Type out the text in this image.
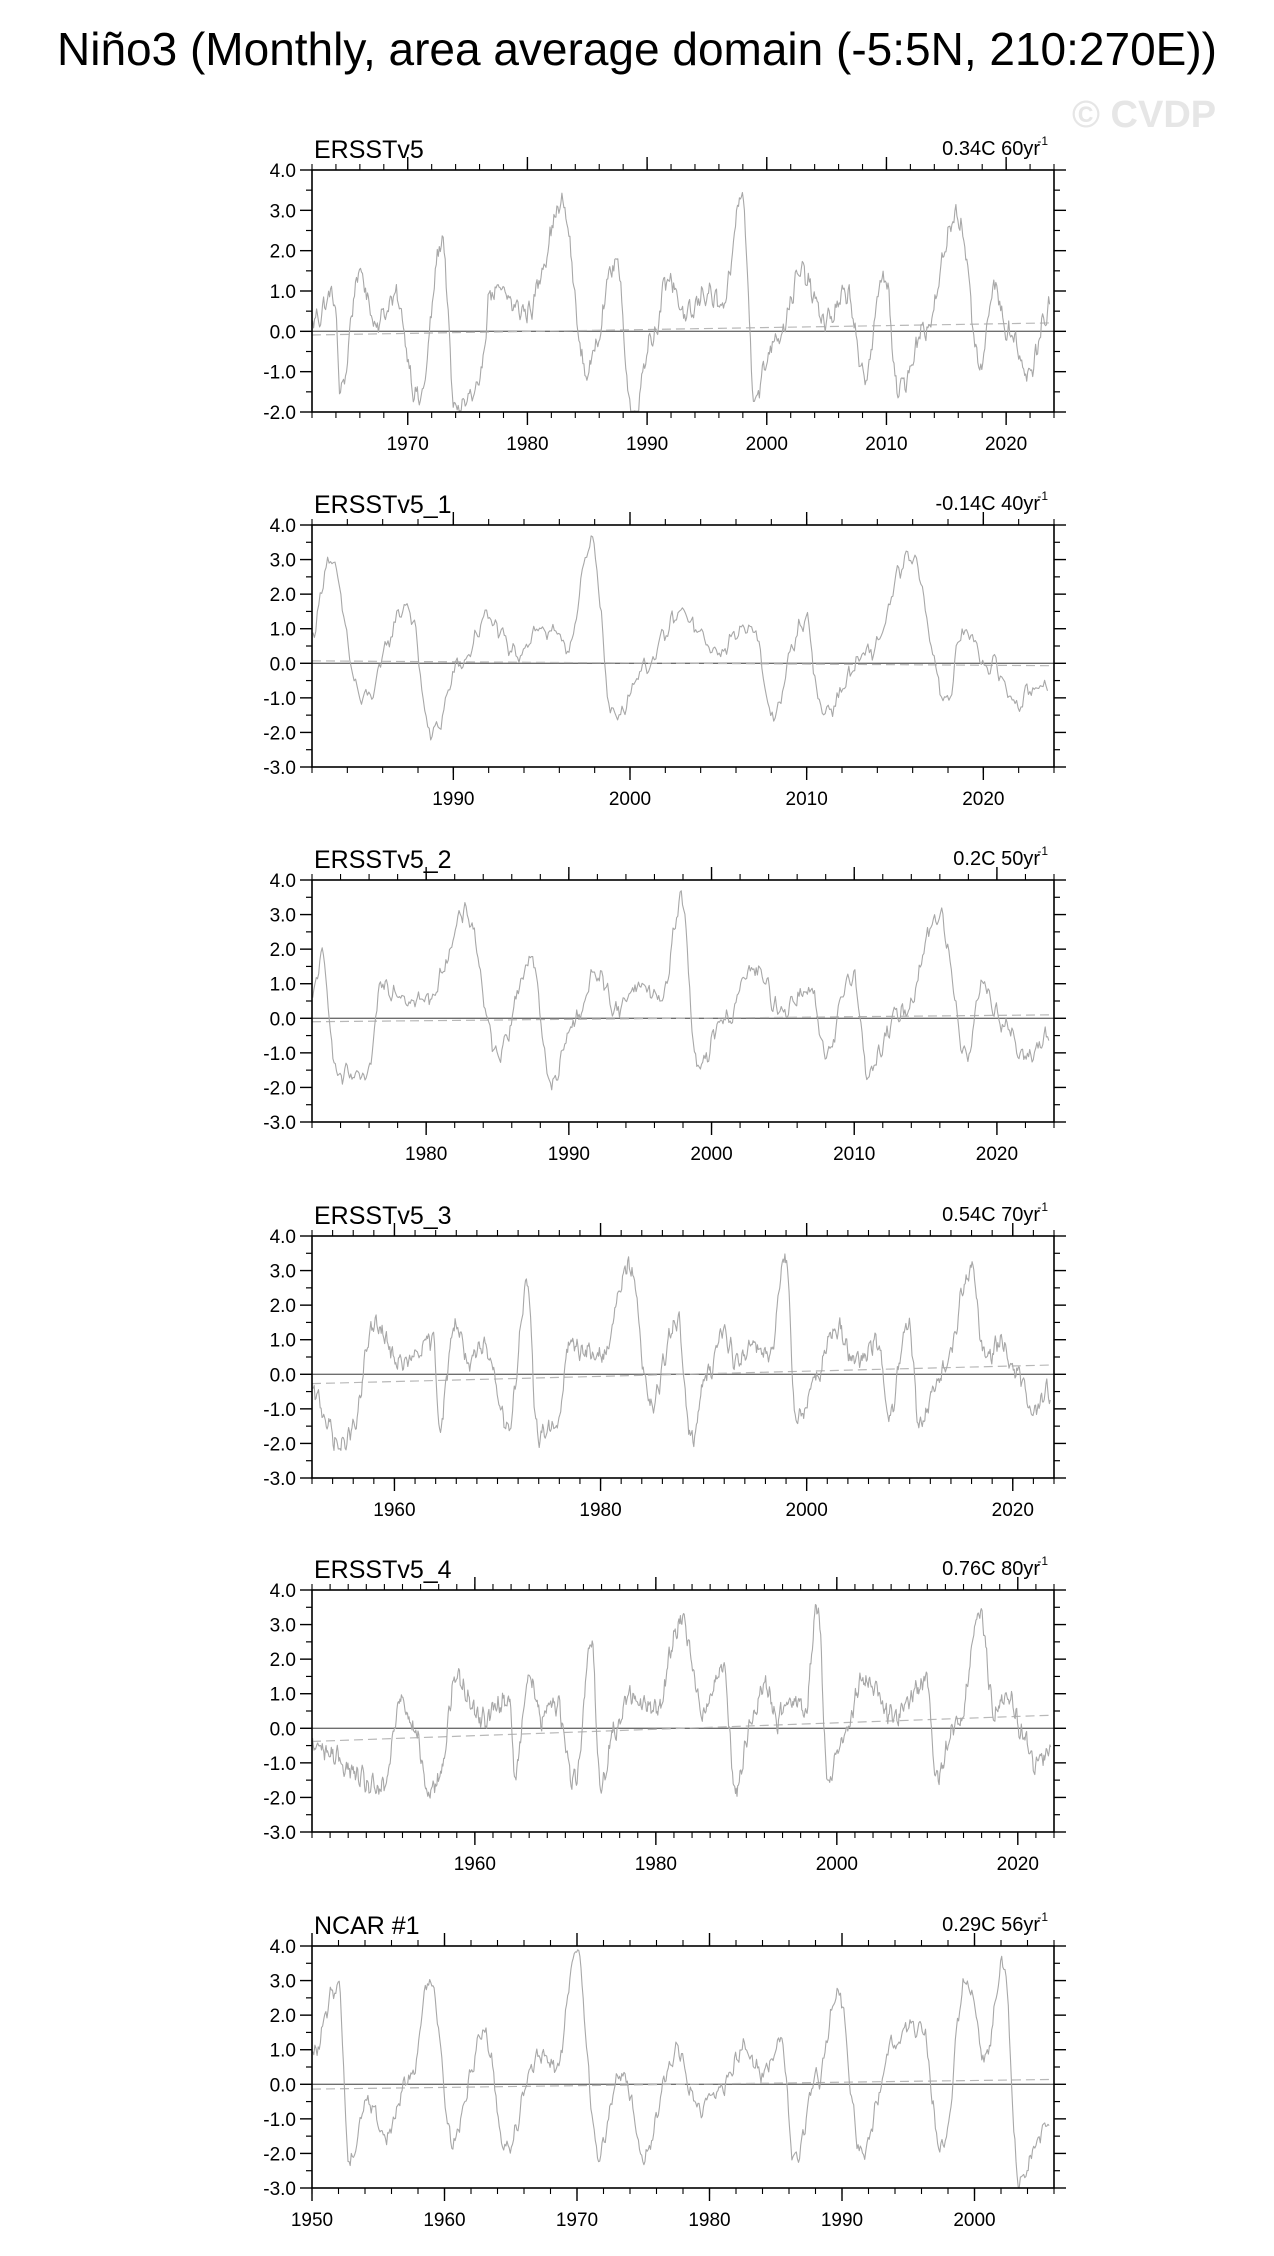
Niño3 (Monthly, area average domain (-5:5N, 210:270E))
© CVDP
ERSSTv5	0.34C 60yr
-1
4.0
3.0
2.0
1.0
0.0
-1.0
-2.0
1970	1980	1990	2000	2010	2020
ERSSTv5_1	-0.14C 40yr
-1
4.0
3.0
2.0
1.0
0.0
-1.0
-2.0
-3.0
1990	2000	2010	2020
ERSSTv5_2	0.2C 50yr
-1
4.0
3.0
2.0
1.0
0.0
-1.0
-2.0
-3.0
1980	1990	2000	2010	2020
ERSSTv5_3	0.54C 70yr
-1
4.0
3.0
2.0
1.0
0.0
-1.0
-2.0
-3.0
1960	1980	2000	2020
ERSSTv5_4	0.76C 80yr
-1
4.0
3.0
2.0
1.0
0.0
-1.0
-2.0
-3.0
1960	1980	2000	2020
NCAR #1	0.29C 56yr
-1
4.0
3.0
2.0
1.0
0.0
-1.0
-2.0
-3.0
1950	1960	1970	1980	1990	2000
